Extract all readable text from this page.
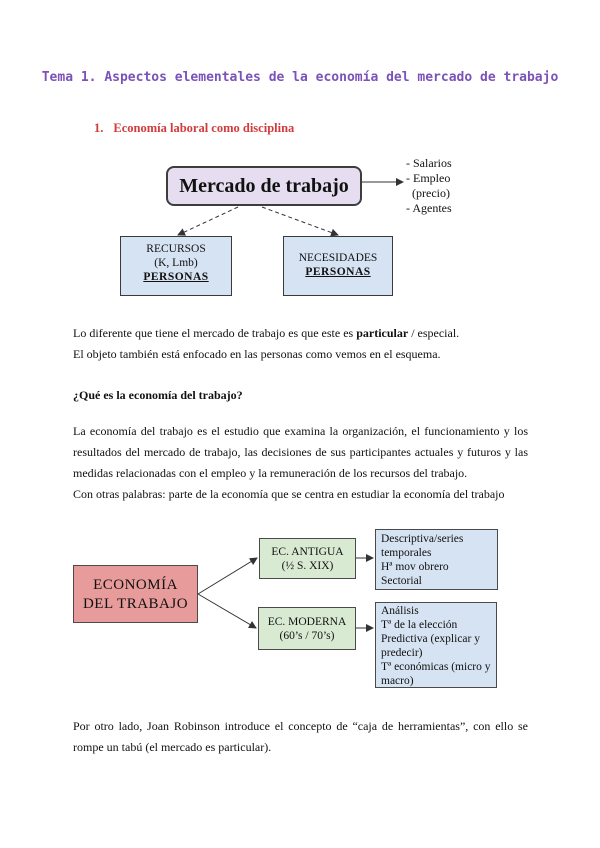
Tema 1. Aspectos elementales de la economía del mercado de trabajo
1. Economía laboral como disciplina
Mercado de trabajo
- Salarios
- Empleo
(precio)
- Agentes
RECURSOS
(K, Lmb)
PERSONAS
NECESIDADES
PERSONAS
Lo diferente que tiene el mercado de trabajo es que este es particular / especial.
El objeto también está enfocado en las personas como vemos en el esquema.
¿Qué es la economía del trabajo?
La economía del trabajo es el estudio que examina la organización, el funcionamiento y los resultados del mercado de trabajo, las decisiones de sus participantes actuales y futuros y las medidas relacionadas con el empleo y la remuneración de los recursos del trabajo.
Con otras palabras: parte de la economía que se centra en estudiar la economía del trabajo
ECONOMÍA
DEL TRABAJO
EC. ANTIGUA
(½ S. XIX)
EC. MODERNA
(60’s / 70’s)
Descriptiva/series temporales
Hª mov obrero
Sectorial
Análisis
Tª de la elección
Predictiva (explicar y predecir)
Tª económicas (micro y macro)
Por otro lado, Joan Robinson introduce el concepto de “caja de herramientas”, con ello se rompe un tabú (el mercado es particular).
